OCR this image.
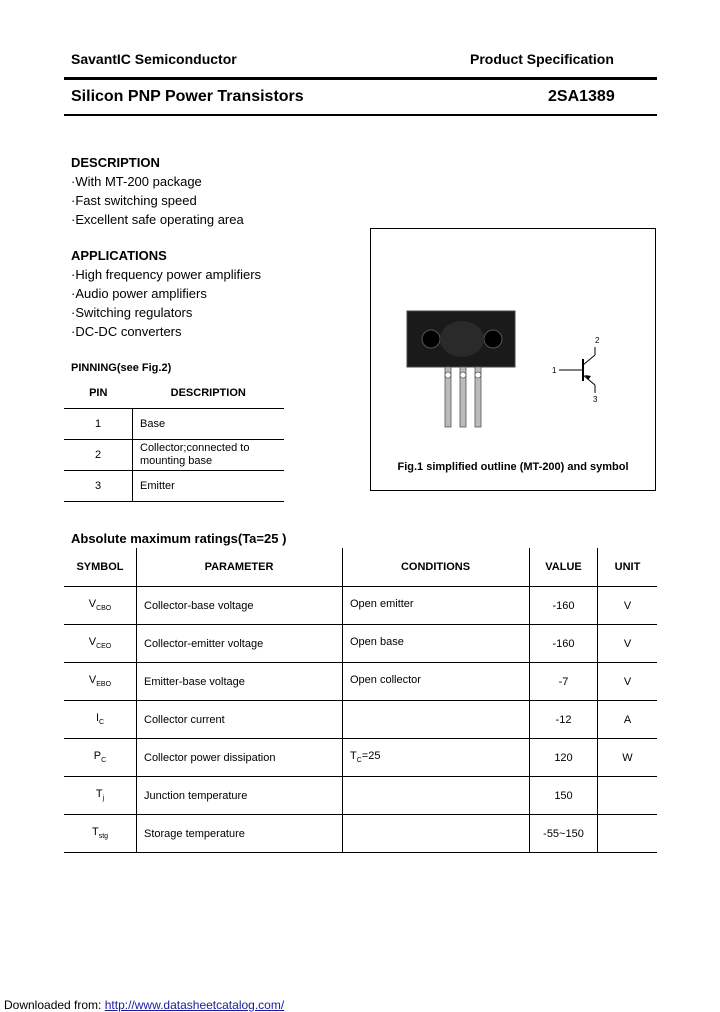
SavantIC Semiconductor	Product Specification
Silicon PNP Power Transistors	2SA1389
DESCRIPTION
·With MT-200 package
·Fast switching speed
·Excellent safe operating area
APPLICATIONS
·High frequency power amplifiers
·Audio power amplifiers
·Switching regulators
·DC-DC converters
PINNING(see Fig.2)
PIN	DESCRIPTION
1	Base
2	Collector;connected to mounting base
3	Emitter
1
2
3
Fig.1 simplified outline (MT-200) and symbol
Absolute maximum ratings(Ta=25 )
SYMBOL	PARAMETER	CONDITIONS	VALUE	UNIT
$V_{CBO}$	Collector-base voltage	Open emitter	-160	V
$V_{CEO}$	Collector-emitter voltage	Open base	-160	V
$V_{EBO}$	Emitter-base voltage	Open collector	-7	V
$I_C$	Collector current		-12	A
$P_C$	Collector power dissipation	$T_C=25$	120	W
$T_j$	Junction temperature		150	
$T_{stg}$	Storage temperature		-55~150	
Downloaded from: http://www.datasheetcatalog.com/
